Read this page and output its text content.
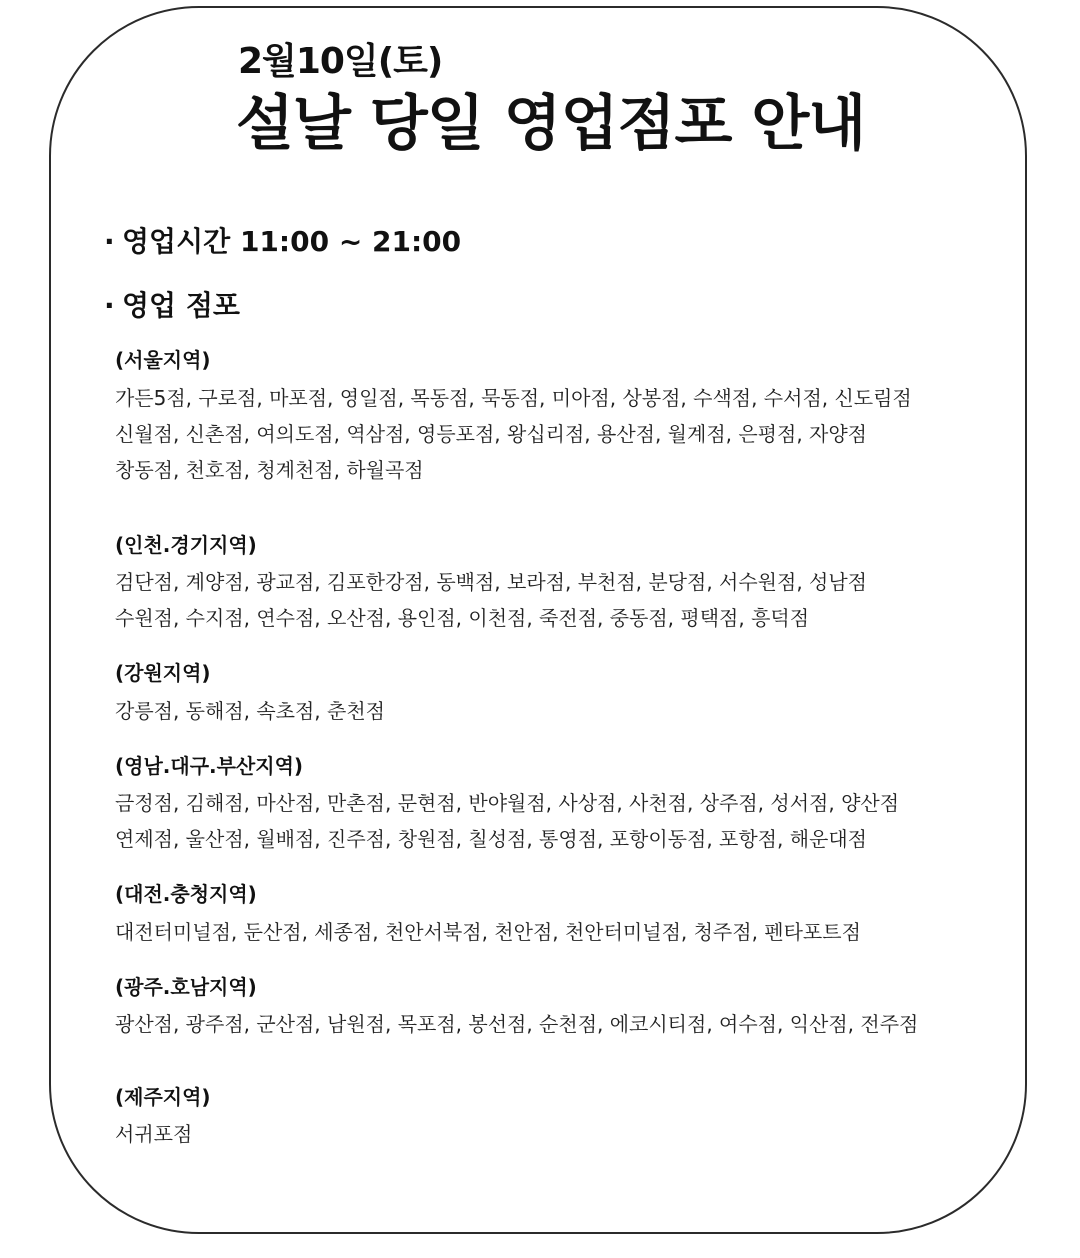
2월10일(토)
설날 당일 영업점포 안내
· 영업시간 11:00 ~ 21:00
· 영업 점포
(서울지역)
가든5점, 구로점, 마포점, 영일점, 목동점, 묵동점, 미아점, 상봉점, 수색점, 수서점, 신도림점
신월점, 신촌점, 여의도점, 역삼점, 영등포점, 왕십리점, 용산점, 월계점, 은평점, 자양점
창동점, 천호점, 청계천점, 하월곡점
(인천.경기지역)
검단점, 계양점, 광교점, 김포한강점, 동백점, 보라점, 부천점, 분당점, 서수원점, 성남점
수원점, 수지점, 연수점, 오산점, 용인점, 이천점, 죽전점, 중동점, 평택점, 흥덕점
(강원지역)
강릉점, 동해점, 속초점, 춘천점
(영남.대구.부산지역)
금정점, 김해점, 마산점, 만촌점, 문현점, 반야월점, 사상점, 사천점, 상주점, 성서점, 양산점
연제점, 울산점, 월배점, 진주점, 창원점, 칠성점, 통영점, 포항이동점, 포항점, 해운대점
(대전.충청지역)
대전터미널점, 둔산점, 세종점, 천안서북점, 천안점, 천안터미널점, 청주점, 펜타포트점
(광주.호남지역)
광산점, 광주점, 군산점, 남원점, 목포점, 봉선점, 순천점, 에코시티점, 여수점, 익산점, 전주점
(제주지역)
서귀포점
